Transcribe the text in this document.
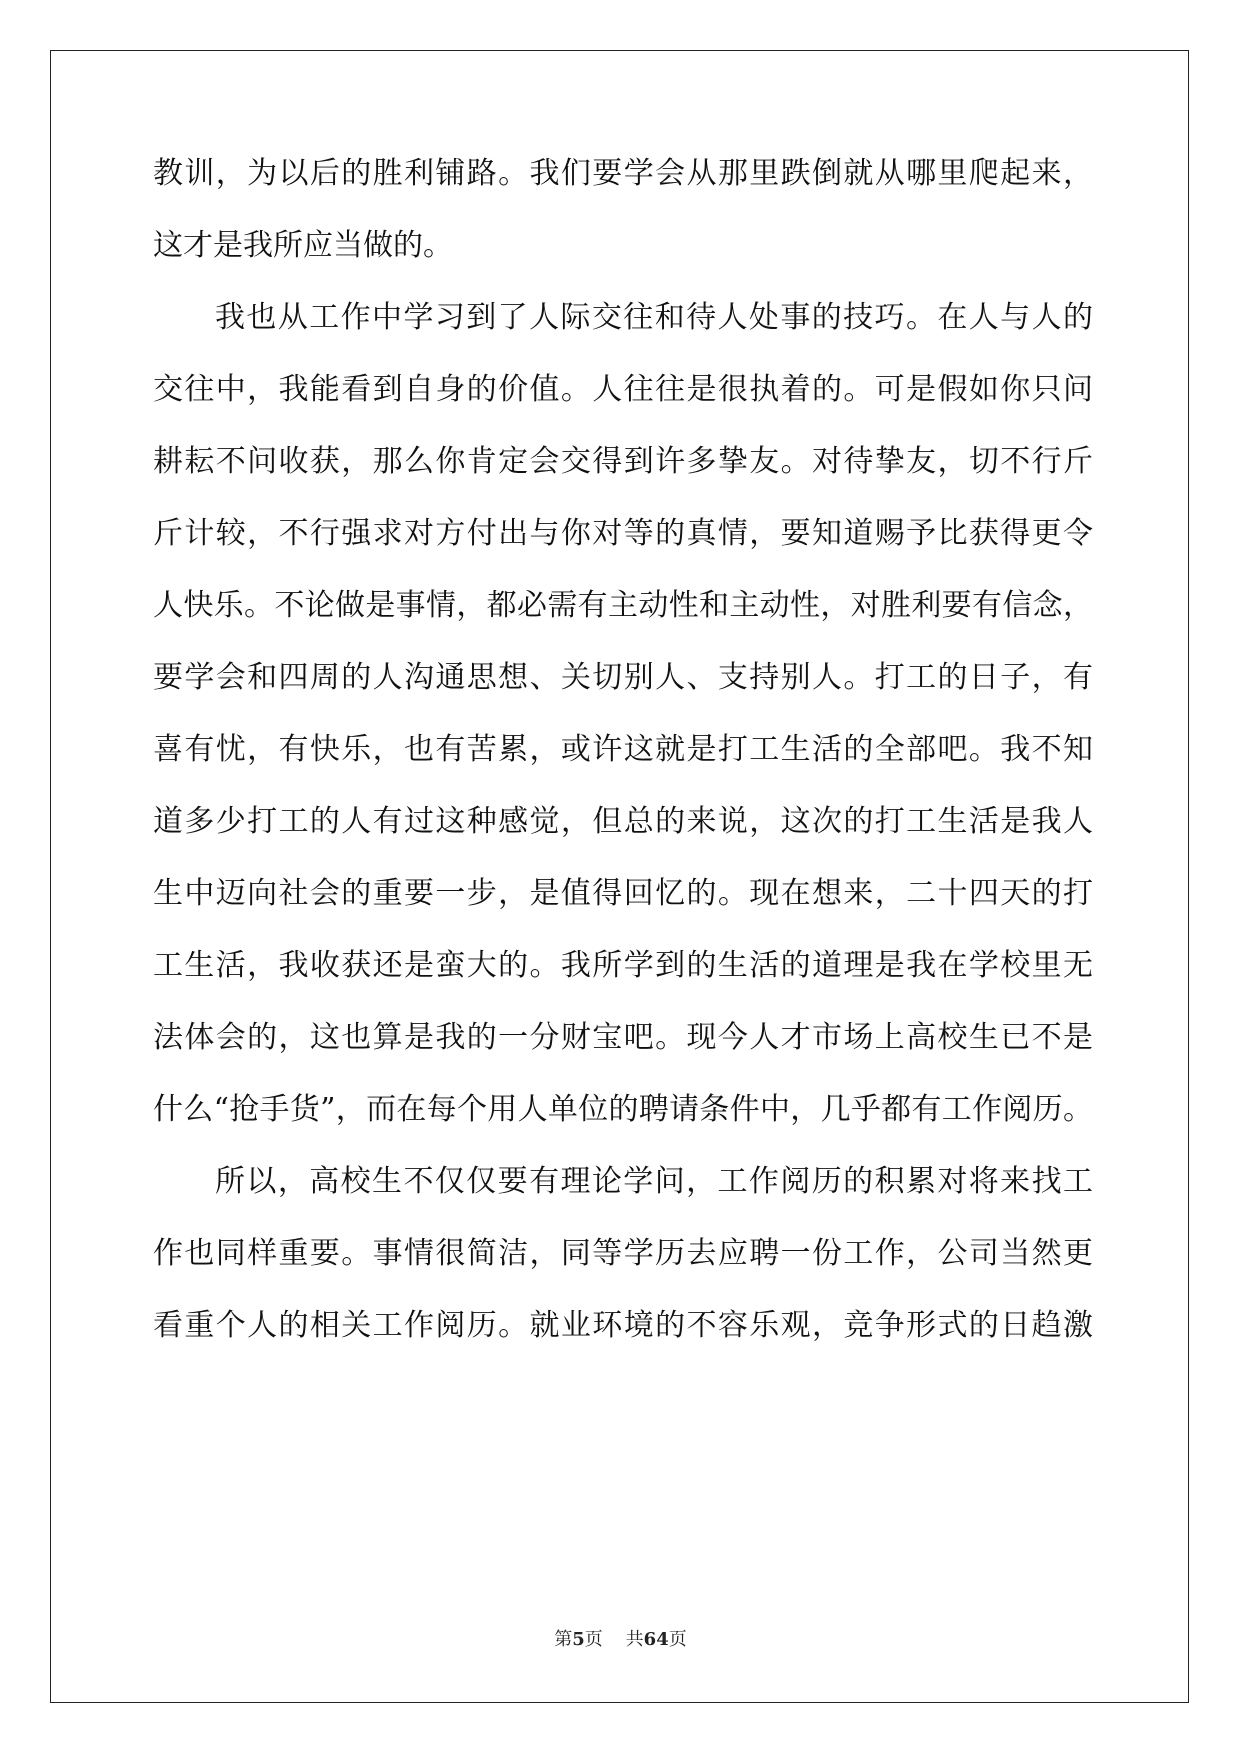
教训，为以后的胜利铺路。我们要学会从那里跌倒就从哪里爬起来，
这才是我所应当做的。
我也从工作中学习到了人际交往和待人处事的技巧。在人与人的
交往中，我能看到自身的价值。人往往是很执着的。可是假如你只问
耕耘不问收获，那么你肯定会交得到许多挚友。对待挚友，切不行斤
斤计较，不行强求对方付出与你对等的真情，要知道赐予比获得更令
人快乐。不论做是事情，都必需有主动性和主动性，对胜利要有信念，
要学会和四周的人沟通思想、关切别人、支持别人。打工的日子，有
喜有忧，有快乐，也有苦累，或许这就是打工生活的全部吧。我不知
道多少打工的人有过这种感觉，但总的来说，这次的打工生活是我人
生中迈向社会的重要一步，是值得回忆的。现在想来，二十四天的打
工生活，我收获还是蛮大的。我所学到的生活的道理是我在学校里无
法体会的，这也算是我的一分财宝吧。现今人才市场上高校生已不是
什么“抢手货”，而在每个用人单位的聘请条件中，几乎都有工作阅历。
所以，高校生不仅仅要有理论学问，工作阅历的积累对将来找工
作也同样重要。事情很简洁，同等学历去应聘一份工作，公司当然更
看重个人的相关工作阅历。就业环境的不容乐观，竞争形式的日趋激
第5页    共64页
